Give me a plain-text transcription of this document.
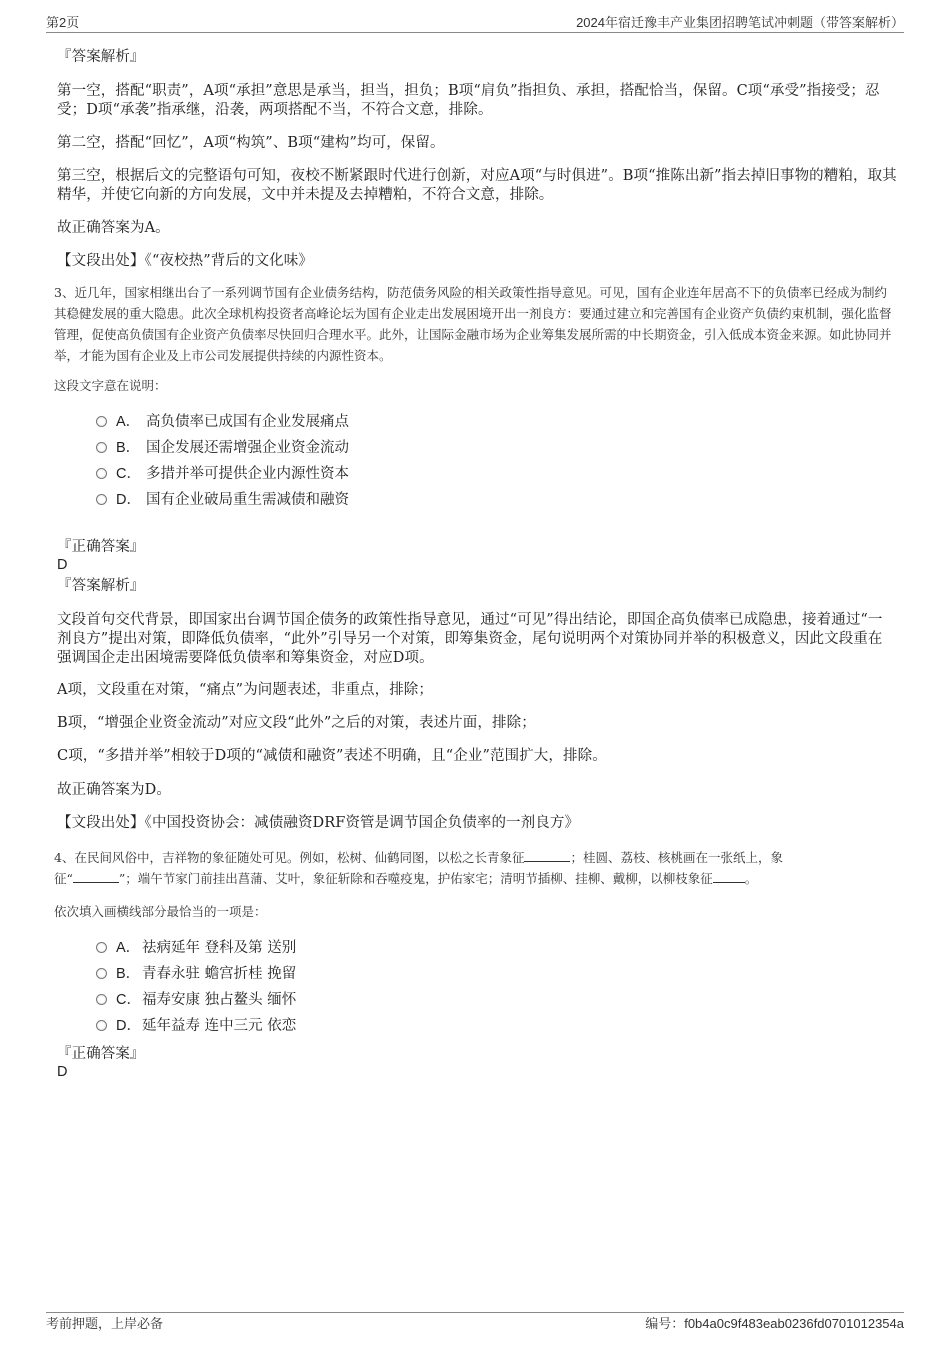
第2页	2024年宿迁豫丰产业集团招聘笔试冲刺题（带答案解析）
『答案解析』
第一空，搭配“职责”，A项“承担”意思是承当，担当，担负；B项“肩负”指担负、承担，搭配恰当，保留。C项“承受”指接受；忍受；D项“承袭”指承继，沿袭，两项搭配不当，不符合文意，排除。
第二空，搭配“回忆”，A项“构筑”、B项“建构”均可，保留。
第三空，根据后文的完整语句可知，夜校不断紧跟时代进行创新，对应A项“与时俱进”。B项“推陈出新”指去掉旧事物的糟粕，取其精华，并使它向新的方向发展，文中并未提及去掉糟粕，不符合文意，排除。
故正确答案为A。
【文段出处】《“夜校热”背后的文化味》
3、近几年，国家相继出台了一系列调节国有企业债务结构，防范债务风险的相关政策性指导意见。可见，国有企业连年居高不下的负债率已经成为制约其稳健发展的重大隐患。此次全球机构投资者高峰论坛为国有企业走出发展困境开出一剂良方：要通过建立和完善国有企业资产负债约束机制，强化监督管理，促使高负债国有企业资产负债率尽快回归合理水平。此外，让国际金融市场为企业筹集发展所需的中长期资金，引入低成本资金来源。如此协同并举，才能为国有企业及上市公司发展提供持续的内源性资本。
这段文字意在说明：
A． 高负债率已成国有企业发展痛点
B． 国企发展还需增强企业资金流动
C． 多措并举可提供企业内源性资本
D． 国有企业破局重生需减债和融资
『正确答案』
D
『答案解析』
文段首句交代背景，即国家出台调节国企债务的政策性指导意见，通过“可见”得出结论，即国企高负债率已成隐患，接着通过“一剂良方”提出对策，即降低负债率，“此外”引导另一个对策，即筹集资金，尾句说明两个对策协同并举的积极意义，因此文段重在强调国企走出困境需要降低负债率和筹集资金，对应D项。
A项，文段重在对策，“痛点”为问题表述，非重点，排除；
B项，“增强企业资金流动”对应文段“此外”之后的对策，表述片面，排除；
C项，“多措并举”相较于D项的“减债和融资”表述不明确，且“企业”范围扩大，排除。
故正确答案为D。
【文段出处】《中国投资协会：减债融资DRF资管是调节国企负债率的一剂良方》
4、在民间风俗中，吉祥物的象征随处可见。例如，松树、仙鹤同图，以松之长青象征	；桂圆、荔枝、核桃画在一张纸上，象
征“	”；端午节家门前挂出菖蒲、艾叶，象征斩除和吞噬疫鬼，护佑家宅；清明节插柳、挂柳、戴柳，以柳枝象征	。
依次填入画横线部分最恰当的一项是：
A． 祛病延年 登科及第 送别
B． 青春永驻 蟾宫折桂 挽留
C．福寿安康 独占鳌头 缅怀
D．延年益寿 连中三元 依恋
『正确答案』
D
考前押题，上岸必备	编号：f0b4a0c9f483eab0236fd0701012354a
